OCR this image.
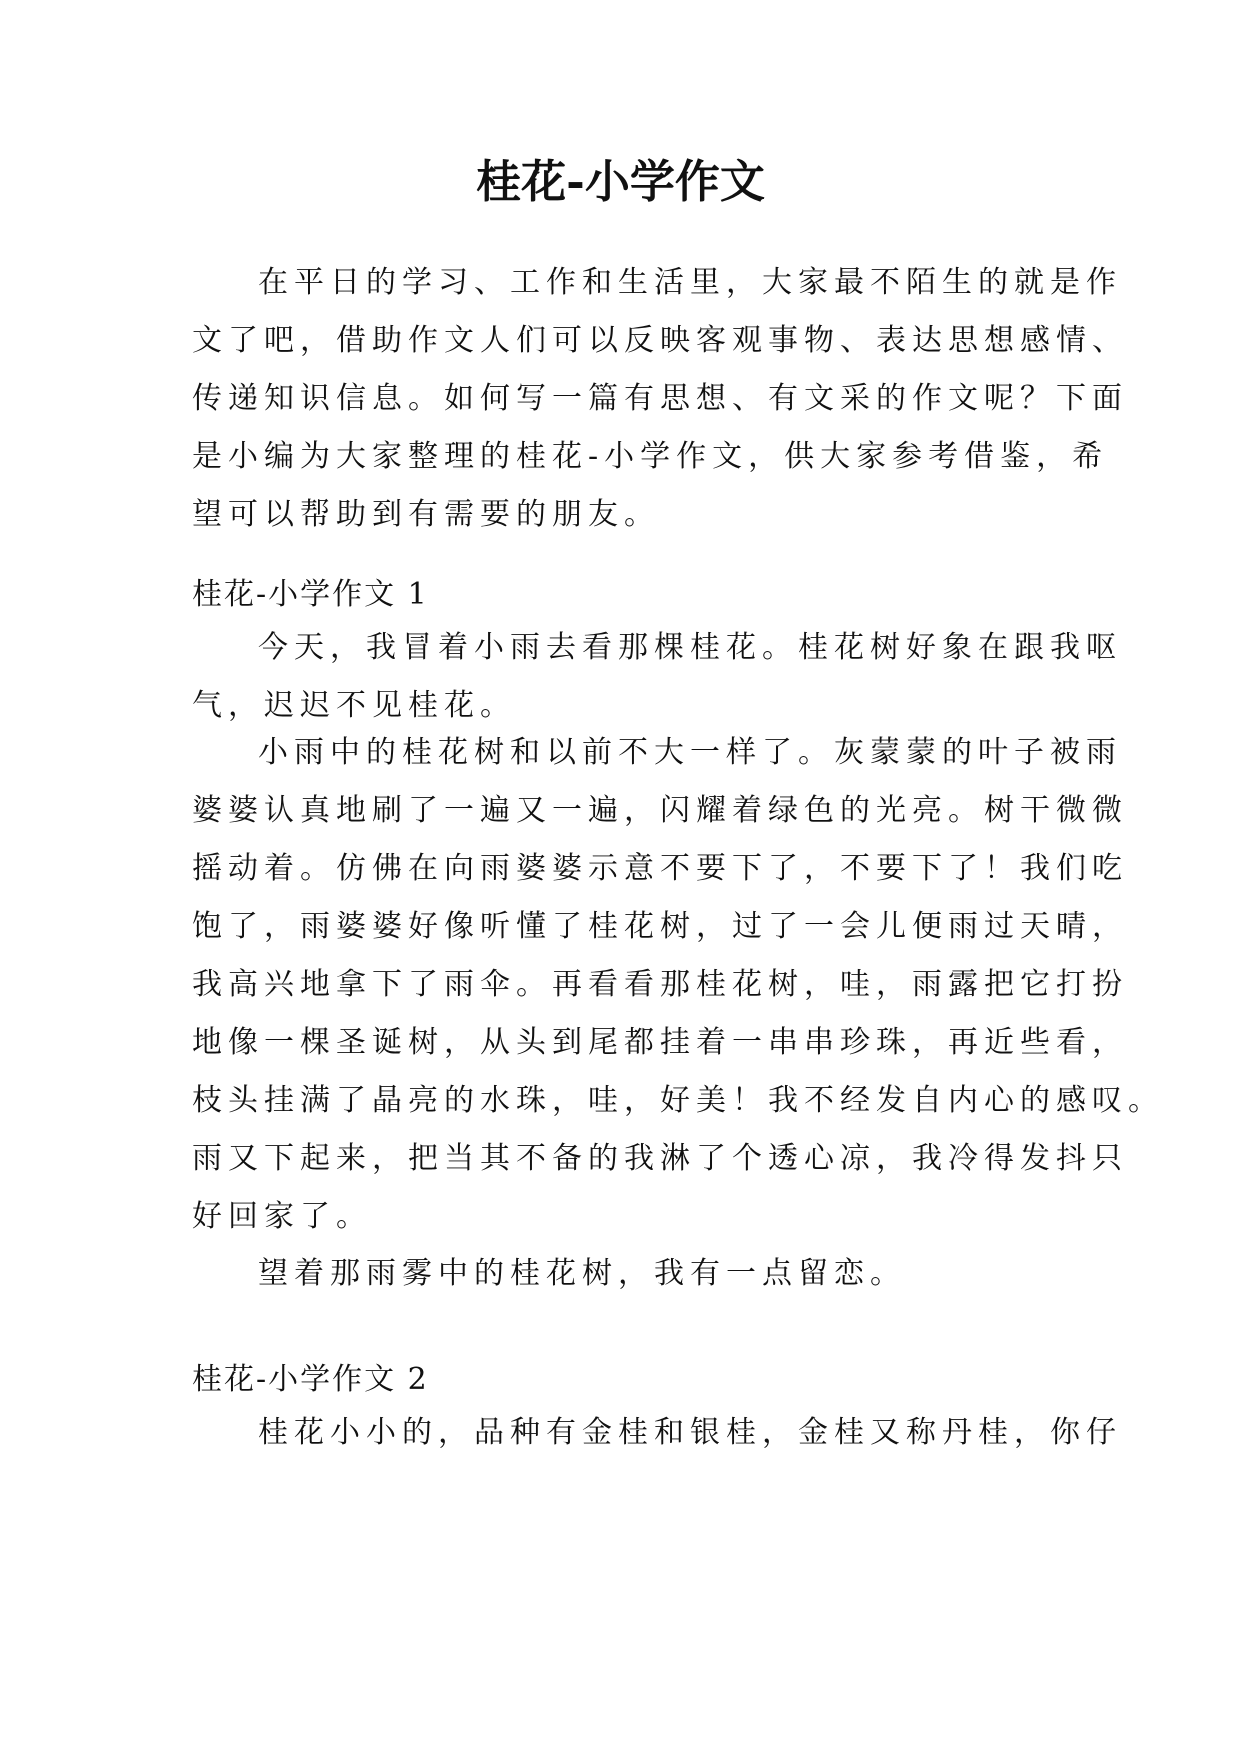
桂花-小学作文
在平日的学习、工作和生活里，大家最不陌生的就是作
文了吧，借助作文人们可以反映客观事物、表达思想感情、
传递知识信息。如何写一篇有思想、有文采的作文呢？下面
是小编为大家整理的桂花-小学作文，供大家参考借鉴，希
望可以帮助到有需要的朋友。
桂花-小学作文 1
今天，我冒着小雨去看那棵桂花。桂花树好象在跟我呕
气，迟迟不见桂花。
小雨中的桂花树和以前不大一样了。灰蒙蒙的叶子被雨
婆婆认真地刷了一遍又一遍，闪耀着绿色的光亮。树干微微
摇动着。仿佛在向雨婆婆示意不要下了，不要下了！我们吃
饱了，雨婆婆好像听懂了桂花树，过了一会儿便雨过天晴，
我高兴地拿下了雨伞。再看看那桂花树，哇，雨露把它打扮
地像一棵圣诞树，从头到尾都挂着一串串珍珠，再近些看，
枝头挂满了晶亮的水珠，哇，好美！我不经发自内心的感叹。
雨又下起来，把当其不备的我淋了个透心凉，我冷得发抖只
好回家了。
望着那雨雾中的桂花树，我有一点留恋。
桂花-小学作文 2
桂花小小的，品种有金桂和银桂，金桂又称丹桂，你仔
